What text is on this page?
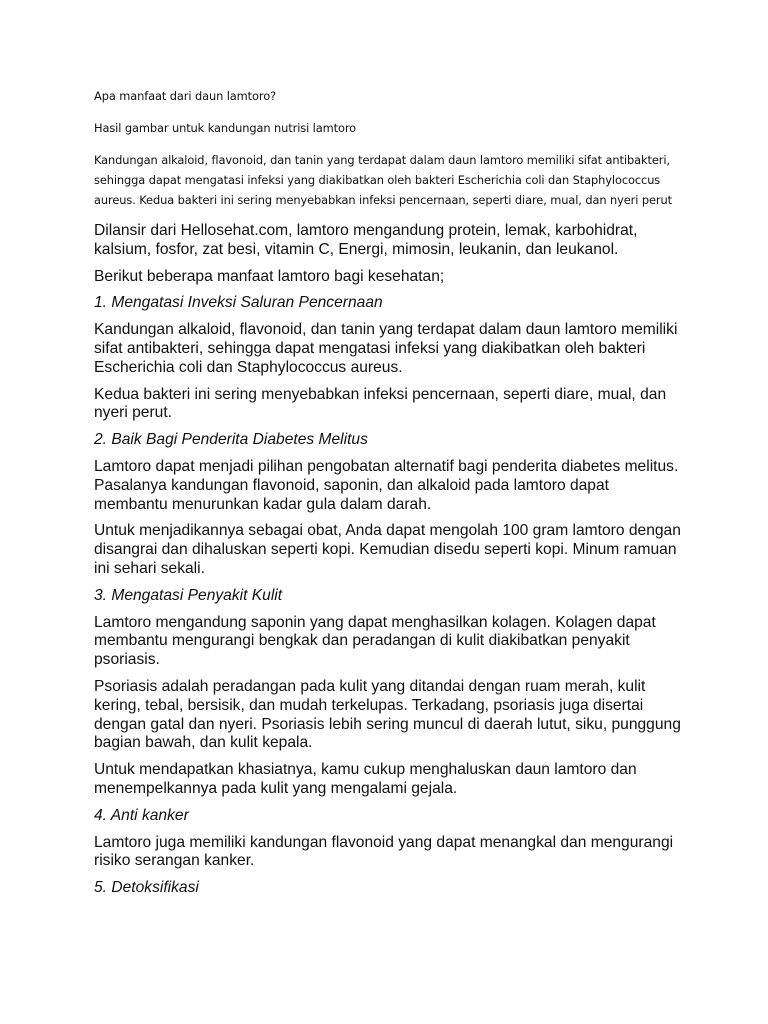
Apa manfaat dari daun lamtoro?

Hasil gambar untuk kandungan nutrisi lamtoro

Kandungan alkaloid, flavonoid, dan tanin yang terdapat dalam daun lamtoro memiliki sifat antibakteri, sehingga dapat mengatasi infeksi yang diakibatkan oleh bakteri Escherichia coli dan Staphylococcus aureus. Kedua bakteri ini sering menyebabkan infeksi pencernaan, seperti diare, mual, dan nyeri perut

Dilansir dari Hellosehat.com, lamtoro mengandung protein, lemak, karbohidrat, kalsium, fosfor, zat besi, vitamin C, Energi, mimosin, leukanin, dan leukanol.

Berikut beberapa manfaat lamtoro bagi kesehatan;

1. Mengatasi Inveksi Saluran Pencernaan

Kandungan alkaloid, flavonoid, dan tanin yang terdapat dalam daun lamtoro memiliki sifat antibakteri, sehingga dapat mengatasi infeksi yang diakibatkan oleh bakteri Escherichia coli dan Staphylococcus aureus.

Kedua bakteri ini sering menyebabkan infeksi pencernaan, seperti diare, mual, dan nyeri perut.

2. Baik Bagi Penderita Diabetes Melitus

Lamtoro dapat menjadi pilihan pengobatan alternatif bagi penderita diabetes melitus. Pasalanya kandungan flavonoid, saponin, dan alkaloid pada lamtoro dapat membantu menurunkan kadar gula dalam darah.

Untuk menjadikannya sebagai obat, Anda dapat mengolah 100 gram lamtoro dengan disangrai dan dihaluskan seperti kopi. Kemudian disedu seperti kopi. Minum ramuan ini sehari sekali.

3. Mengatasi Penyakit Kulit

Lamtoro mengandung saponin yang dapat menghasilkan kolagen. Kolagen dapat membantu mengurangi bengkak dan peradangan di kulit diakibatkan penyakit psoriasis.

Psoriasis adalah peradangan pada kulit yang ditandai dengan ruam merah, kulit kering, tebal, bersisik, dan mudah terkelupas. Terkadang, psoriasis juga disertai dengan gatal dan nyeri. Psoriasis lebih sering muncul di daerah lutut, siku, punggung bagian bawah, dan kulit kepala.

Untuk mendapatkan khasiatnya, kamu cukup menghaluskan daun lamtoro dan menempelkannya pada kulit yang mengalami gejala.

4. Anti kanker

Lamtoro juga memiliki kandungan flavonoid yang dapat menangkal dan mengurangi risiko serangan kanker.

5. Detoksifikasi
